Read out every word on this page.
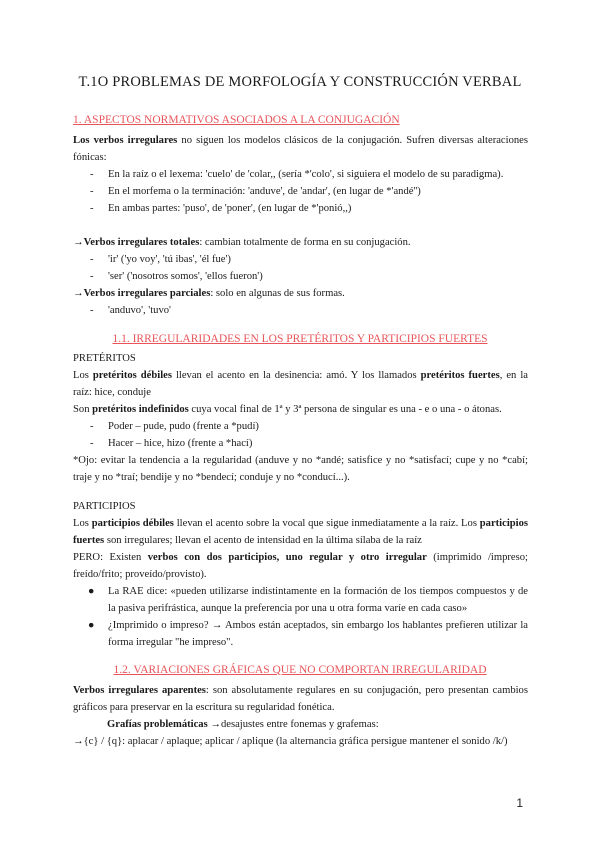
T.1O PROBLEMAS DE MORFOLOGÍA Y CONSTRUCCIÓN VERBAL
1. ASPECTOS NORMATIVOS ASOCIADOS A LA CONJUGACIÓN
Los verbos irregulares no siguen los modelos clásicos de la conjugación. Sufren diversas alteraciones fónicas:
- En la raíz o el lexema: 'cuelo' de 'colar,, (sería *'colo', si siguiera el modelo de su paradigma).
- En el morfema o la terminación: 'anduve', de 'andar', (en lugar de *'andé'')
- En ambas partes: 'puso', de 'poner', (en lugar de *'ponió,,)
→Verbos irregulares totales: cambian totalmente de forma en su conjugación.
- 'ir' ('yo voy', 'tú ibas', 'él fue')
- 'ser' ('nosotros somos', 'ellos fueron')
→Verbos irregulares parciales: solo en algunas de sus formas.
- 'anduvo', 'tuvo'
1.1. IRREGULARIDADES EN LOS PRETÉRITOS Y PARTICIPIOS FUERTES
PRETÉRITOS
Los pretéritos débiles llevan el acento en la desinencia: amó. Y los llamados pretéritos fuertes, en la raíz: hice, conduje
Son pretéritos indefinidos cuya vocal final de 1ª y 3ª persona de singular es una - e o una - o átonas.
- Poder – pude, pudo (frente a *pudí)
- Hacer – hice, hizo (frente a *hací)
*Ojo: evitar la tendencia a la regularidad (anduve y no *andé; satisfice y no *satisfací; cupe y no *cabí; traje y no *traí; bendije y no *bendecí; conduje y no *conducí...).
PARTICIPIOS
Los participios débiles llevan el acento sobre la vocal que sigue inmediatamente a la raíz. Los participios fuertes son irregulares; llevan el acento de intensidad en la última sílaba de la raíz
PERO: Existen verbos con dos participios, uno regular y otro irregular (imprimido /impreso; freído/frito; proveído/provisto).
● La RAE dice: «pueden utilizarse indistintamente en la formación de los tiempos compuestos y de la pasiva perifrástica, aunque la preferencia por una u otra forma varíe en cada caso»
● ¿Imprimido o impreso? → Ambos están aceptados, sin embargo los hablantes prefieren utilizar la forma irregular "he impreso".
1.2. VARIACIONES GRÁFICAS QUE NO COMPORTAN IRREGULARIDAD
Verbos irregulares aparentes: son absolutamente regulares en su conjugación, pero presentan cambios gráficos para preservar en la escritura su regularidad fonética.
Grafías problemáticas →desajustes entre fonemas y grafemas:
→{c} / {q}: aplacar / aplaque; aplicar / aplique (la alternancia gráfica persigue mantener el sonido /k/)
1
